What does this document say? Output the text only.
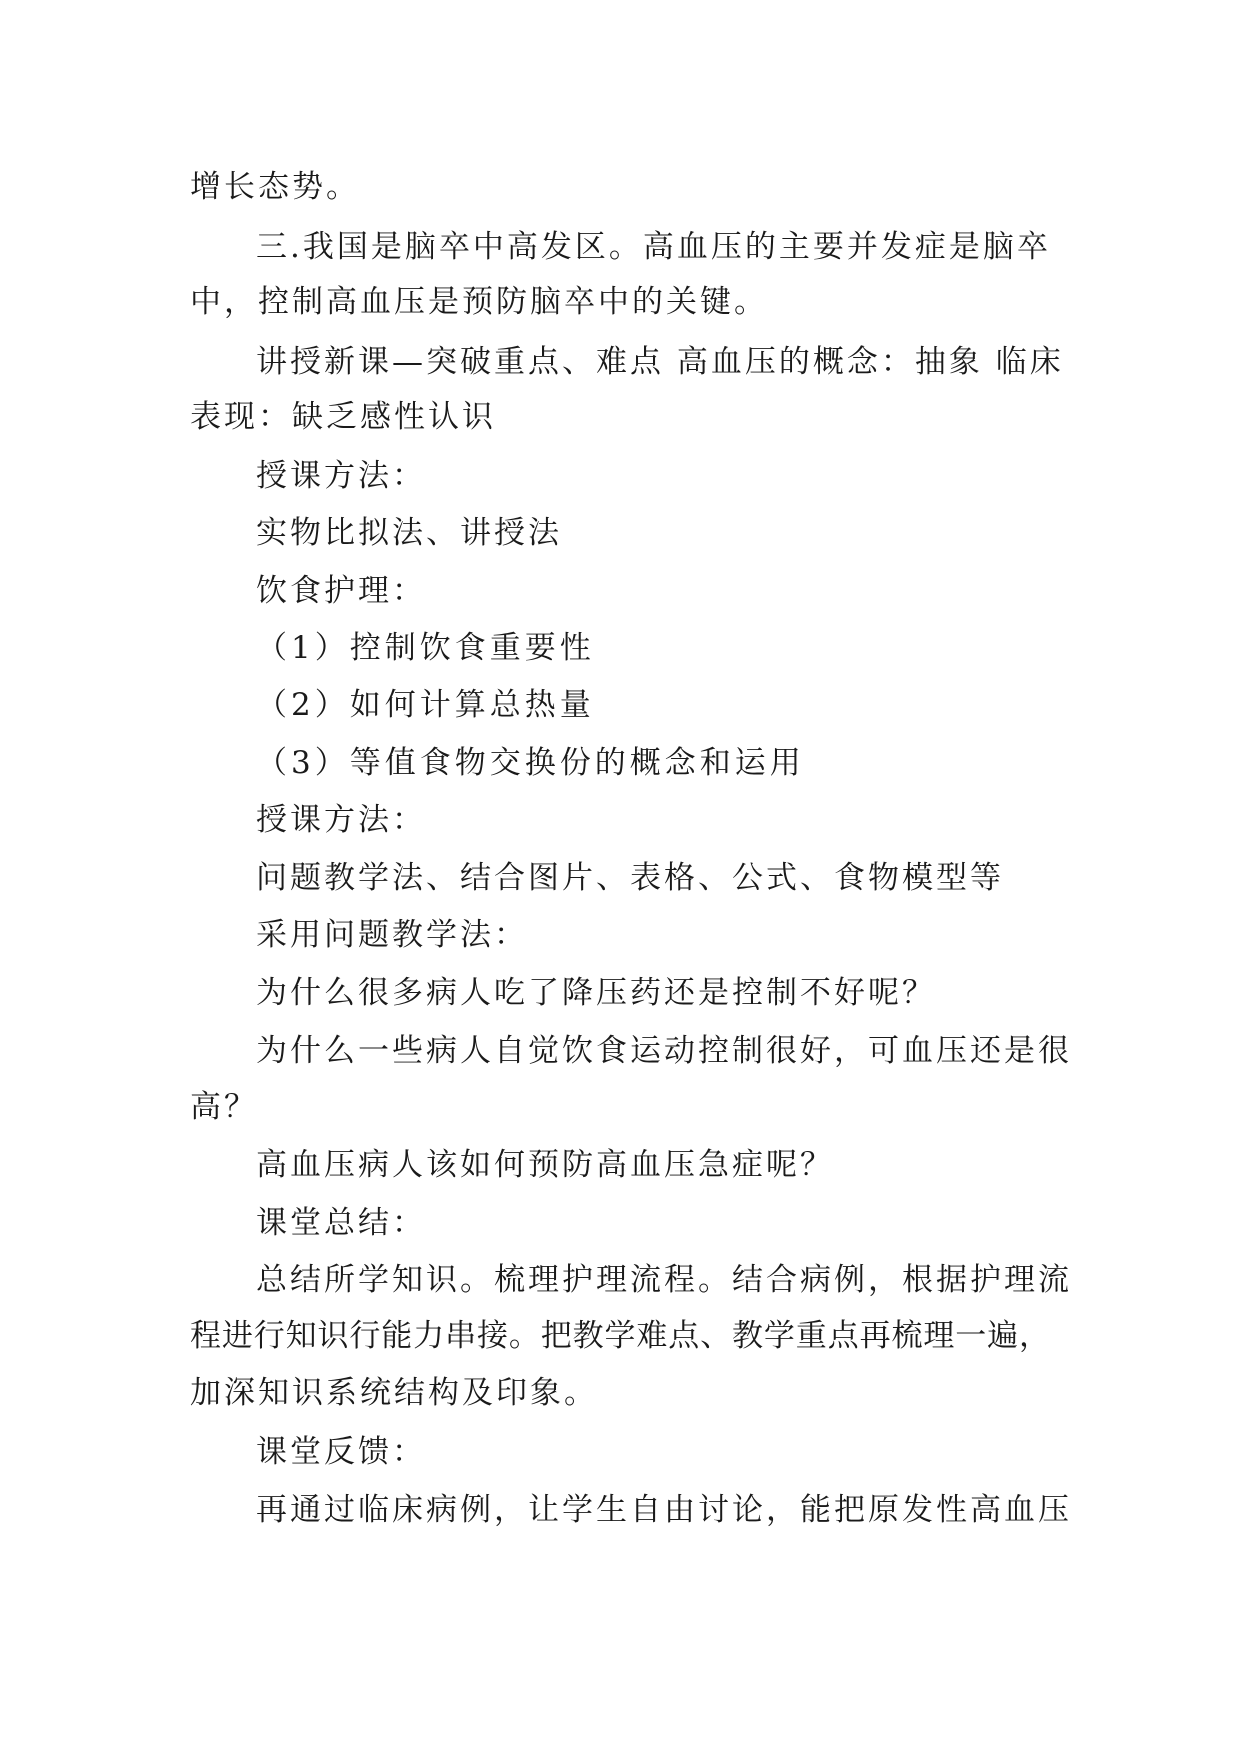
增长态势。
三.我国是脑卒中高发区。高血压的主要并发症是脑卒
中，控制高血压是预防脑卒中的关键。
讲授新课—突破重点、难点 高血压的概念：抽象 临床
表现：缺乏感性认识
授课方法：
实物比拟法、讲授法
饮食护理：
（1）控制饮食重要性
（2）如何计算总热量
（3）等值食物交换份的概念和运用
授课方法：
问题教学法、结合图片、表格、公式、食物模型等
采用问题教学法：
为什么很多病人吃了降压药还是控制不好呢？
为什么一些病人自觉饮食运动控制很好，可血压还是很
高？
高血压病人该如何预防高血压急症呢？
课堂总结：
总结所学知识。梳理护理流程。结合病例，根据护理流
程进行知识行能力串接。把教学难点、教学重点再梳理一遍，
加深知识系统结构及印象。
课堂反馈：
再通过临床病例，让学生自由讨论，能把原发性高血压
